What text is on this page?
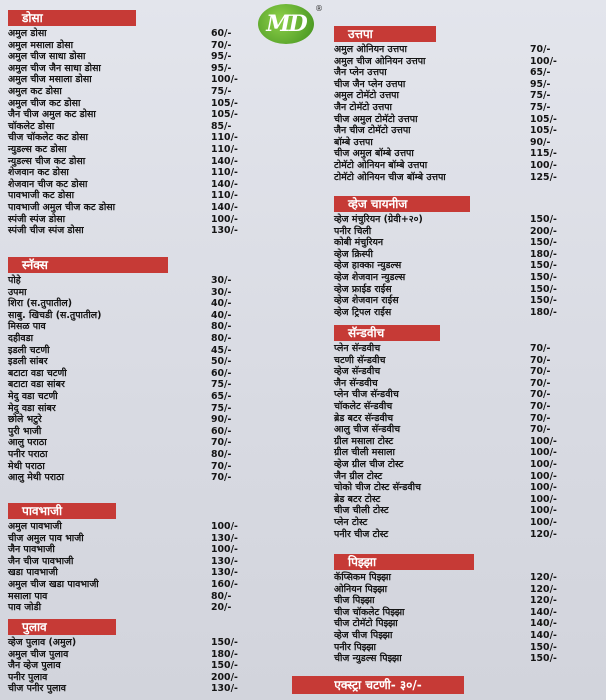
MD
®
डोसा
अमुल डोसा	60/-
अमुल मसाला डोसा	70/-
अमुल चीज साधा डोसा	95/-
अमुल चीज जैन साधा डोसा	95/-
अमुल चीज मसाला डोसा	100/-
अमुल कट डोसा	75/-
अमुल चीज कट डोसा	105/-
जैन चीज अमुल कट डोसा	105/-
चॉकलेट डोसा	85/-
चीज चॉकलेट कट डोसा	110/-
न्युडल्स कट डोसा	110/-
न्युडल्स चीज कट डोसा	140/-
शेजवान कट डोसा	110/-
शेजवान चीज कट डोसा	140/-
पावभाजी कट डोसा	110/-
पावभाजी अमुल चीज कट डोसा	140/-
स्पंजी स्पंज डोसा	100/-
स्पंजी चीज स्पंज डोसा	130/-
स्नॅक्स
पोहे	30/-
उपमा	30/-
शिरा (स.तुपातील)	40/-
साबु. खिचडी (स.तुपातील)	40/-
मिसळ पाव	80/-
दहीवडा	80/-
इडली चटणी	45/-
इडली सांबर	50/-
बटाटा वडा चटणी	60/-
बटाटा वडा सांबर	75/-
मेदु वडा चटणी	65/-
मेदु वडा सांबर	75/-
छोले भटुरे	90/-
पुरी भाजी	60/-
आलु पराठा	70/-
पनीर पराठा	80/-
मेथी पराठा	70/-
आलु मेथी पराठा	70/-
पावभाजी
अमुल पावभाजी	100/-
चीज अमुल पाव भाजी	130/-
जैन पावभाजी	100/-
जैन चीज पावभाजी	130/-
खडा पावभाजी	130/-
अमुल चीज खडा पावभाजी	160/-
मसाला पाव	80/-
पाव जोडी	20/-
पुलाव
व्हेज पुलाव (अमुल)	150/-
अमुल चीज पुलाव	180/-
जैन व्हेज पुलाव	150/-
पनीर पुलाव	200/-
चीज पनीर पुलाव	130/-
उत्तपा
अमुल ओनियन उत्तपा	70/-
अमुल चीज ओनियन उत्तपा	100/-
जैन प्लेन उत्तपा	65/-
चीज जैन प्लेन उत्तपा	95/-
अमुल टोमॅटो उत्तपा	75/-
जैन टोमॅटो उत्तपा	75/-
चीज अमुल टोमॅटो उत्तपा	105/-
जैन चीज टोमॅटो उत्तपा	105/-
बॉम्बे उत्तपा	90/-
चीज अमुल बॉम्बे उत्तपा	115/-
टोमॅटो ओनियन बॉम्बे उत्तपा	100/-
टोमॅटो ओनियन चीज बॉम्बे उत्तपा	125/-
व्हेज चायनीज
व्हेज मंचुरियन (ग्रेवी+२०)	150/-
पनीर चिली	200/-
कोबी मंचुरियन	150/-
व्हेज क्रिस्पी	180/-
व्हेज हाक्का न्युडल्स	150/-
व्हेज शेजवान न्युडल्स	150/-
व्हेज फ्राईड राईस	150/-
व्हेज शेजवान राईस	150/-
व्हेज ट्रिपल राईस	180/-
सॅन्डवीच
प्लेन सॅन्डवीच	70/-
चटणी सॅन्डवीच	70/-
व्हेज सॅन्डवीच	70/-
जैन सॅन्डवीच	70/-
प्लेन चीज सॅन्डवीच	70/-
चॉकलेट सॅन्डवीच	70/-
ब्रेड बटर सॅन्डवीच	70/-
आलु चीज सॅन्डवीच	70/-
ग्रील मसाला टोस्ट	100/-
ग्रील चीली मसाला	100/-
व्हेज ग्रील चीज टोस्ट	100/-
जैन ग्रील टोस्ट	100/-
चोको चीज टोस्ट सॅन्डवीच	100/-
ब्रेड बटर टोस्ट	100/-
चीज चीली टोस्ट	100/-
प्लेन टोस्ट	100/-
पनीर चीज टोस्ट	120/-
पिझ्झा
कॅप्सिकम पिझ्झा	120/-
ओनियन पिझ्झा	120/-
चीज पिझ्झा	120/-
चीज चॉकलेट पिझ्झा	140/-
चीज टोमॅटो पिझ्झा	140/-
व्हेज चीज पिझ्झा	140/-
पनीर पिझ्झा	150/-
चीज न्युडल्स पिझ्झा	150/-
एक्स्ट्रा चटणी- ३०/-
